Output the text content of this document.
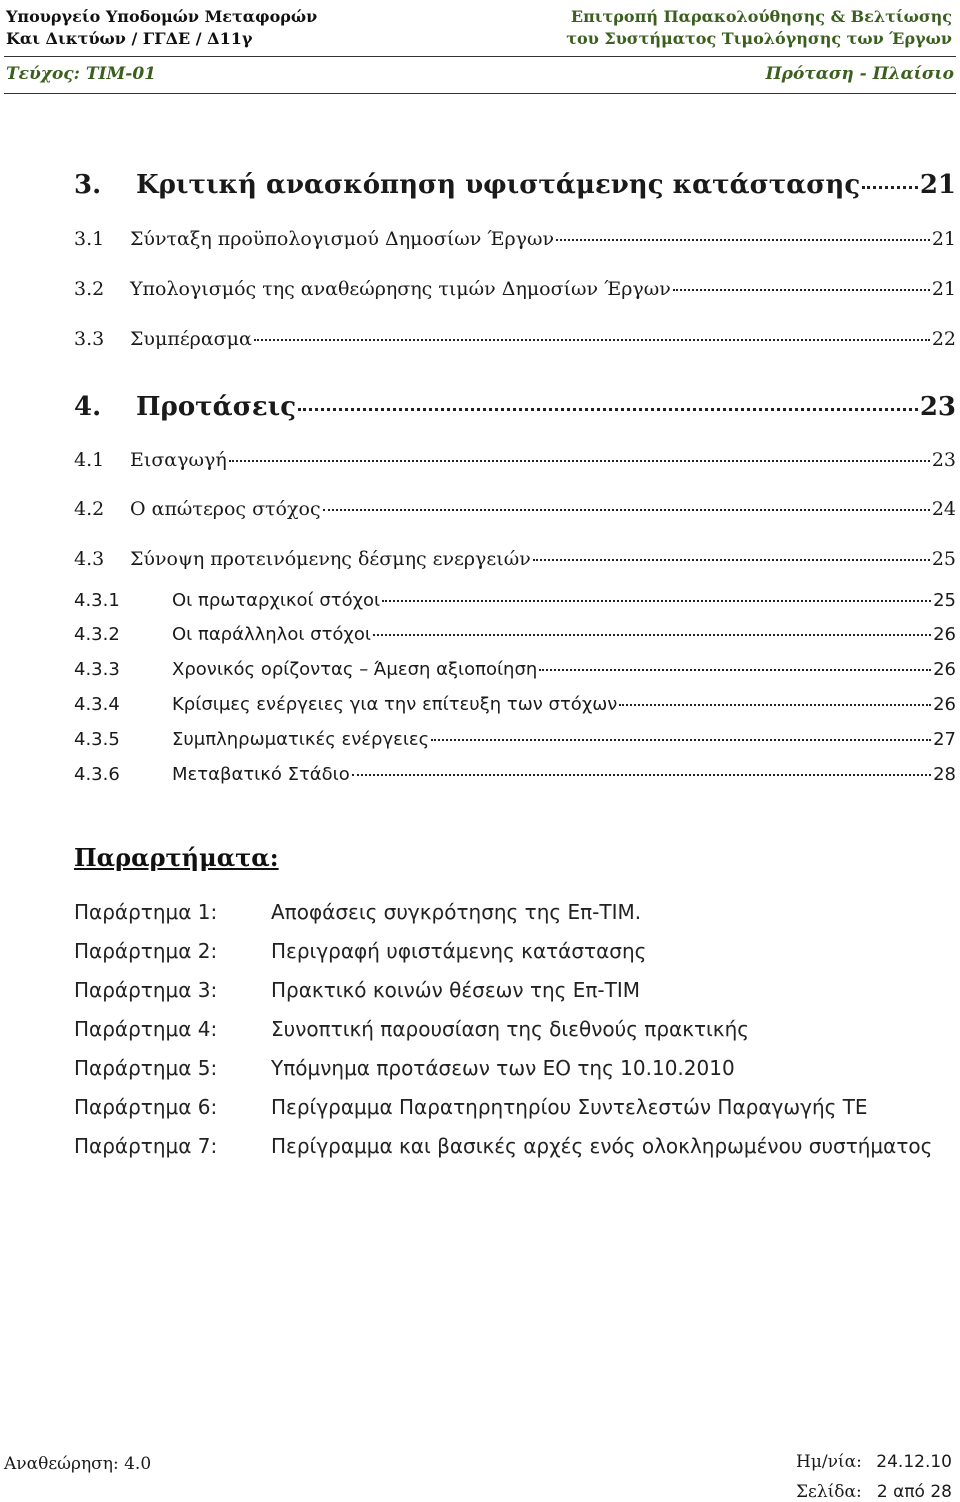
Υπουργείο Υποδομών Μεταφορών
Και Δικτύων / ΓΓΔΕ / Δ11γ
Επιτροπή Παρακολούθησης & Βελτίωσης
του Συστήματος Τιμολόγησης των Έργων
Τεύχος: ΤΙΜ-01	Πρόταση - Πλαίσιο
3.	Κριτική ανασκόπηση υφιστάμενης κατάστασης 21
3.1	Σύνταξη προϋπολογισμού Δημοσίων Έργων	21
3.2	Υπολογισμός της αναθεώρησης τιμών Δημοσίων Έργων	21
3.3	Συμπέρασμα	22
4.	Προτάσεις	23
4.1	Εισαγωγή	23
4.2	Ο απώτερος στόχος	24
4.3	Σύνοψη προτεινόμενης δέσμης ενεργειών	25
4.3.1	Οι πρωταρχικοί στόχοι	25
4.3.2	Οι παράλληλοι στόχοι	26
4.3.3	Χρονικός ορίζοντας – Άμεση αξιοποίηση	26
4.3.4	Κρίσιμες ενέργειες για την επίτευξη των στόχων	26
4.3.5	Συμπληρωματικές ενέργειες	27
4.3.6	Μεταβατικό Στάδιο	28
Παραρτήματα:
Παράρτημα 1:	Αποφάσεις συγκρότησης της Επ-ΤΙΜ.
Παράρτημα 2:	Περιγραφή υφιστάμενης κατάστασης
Παράρτημα 3:	Πρακτικό κοινών θέσεων της Επ-ΤΙΜ
Παράρτημα 4:	Συνοπτική παρουσίαση της διεθνούς πρακτικής
Παράρτημα 5:	Υπόμνημα προτάσεων των ΕΟ της 10.10.2010
Παράρτημα 6:	Περίγραμμα Παρατηρητηρίου Συντελεστών Παραγωγής ΤΕ
Παράρτημα 7:	Περίγραμμα και βασικές αρχές ενός ολοκληρωμένου συστήματος
Αναθεώρηση: 4.0	Ημ/νία: 24.12.10
Σελίδα: 2 από 28
